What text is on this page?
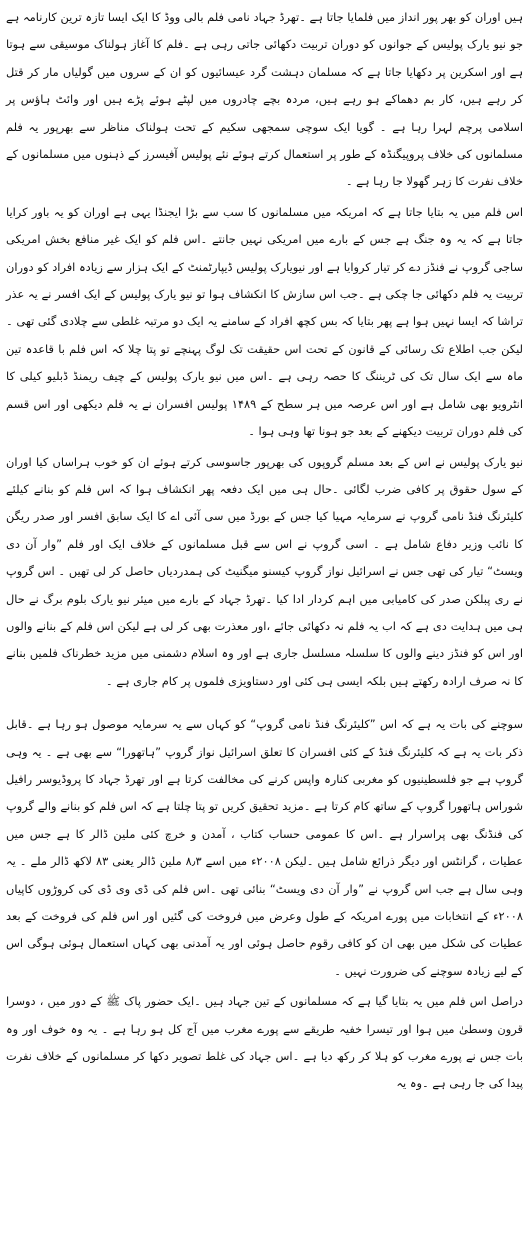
ہیں اوران کو بھر پور انداز میں فلمایا جاتا ہے ۔تھرڈ جہاد نامی فلم بالی ووڈ کا ایک ایسا تازہ ترین کارنامہ ہے جو نیو یارک پولیس کے جوانوں کو دوران تربیت دکھائی جاتی رہی ہے ۔فلم کا آغاز ہولناک موسیقی سے ہوتا ہے اور اسکرین پر دکھایا جاتا ہے کہ مسلمان دہشت گرد عیسائیوں کو ان کے سروں میں گولیاں مار کر قتل کر رہے ہیں، کار بم دھماکے ہو رہے ہیں، مردہ بچے چادروں میں لپٹے ہوئے پڑے ہیں اور وائٹ ہاؤس پر اسلامی پرچم لہرا رہا ہے ۔ گویا ایک سوچی سمجھی سکیم کے تحت ہولناک مناظر سے بھرپور یہ فلم مسلمانوں کی خلاف پروپیگنڈہ کے طور پر استعمال کرتے ہوئے نئے پولیس آفیسرز کے ذہنوں میں مسلمانوں کے خلاف نفرت کا زہر گھولا جا رہا ہے ۔

اس فلم میں یہ بتایا جاتا ہے کہ امریکہ میں مسلمانوں کا سب سے بڑا ایجنڈا یہی ہے اوران کو یہ باور کرایا جاتا ہے کہ یہ وہ جنگ ہے جس کے بارے میں امریکی نہیں جانتے ۔اس فلم کو ایک غیر منافع بخش امریکی ساجی گروپ نے فنڈز دے کر تیار کروایا ہے اور نیویارک پولیس ڈیپارٹمنٹ کے ایک ہزار سے زیادہ افراد کو دوران تربیت یہ فلم دکھائی جا چکی ہے ۔جب اس سازش کا انکشاف ہوا تو نیو یارک پولیس کے ایک افسر نے یہ عذر تراشا کہ ایسا نہیں ہوا ہے پھر بتایا کہ بس کچھ افراد کے سامنے یہ ایک دو مرتبہ غلطی سے چلادی گئی تھی ۔لیکن جب اطلاع تک رسائی کے قانون کے تحت اس حقیقت تک لوگ پہنچے تو پتا چلا کہ اس فلم با قاعدہ تین ماہ سے ایک سال تک کی ٹریننگ کا حصہ رہی ہے ۔اس میں نیو یارک پولیس کے چیف ریمنڈ ڈبلیو کیلی کا انٹرویو بھی شامل ہے اور اس عرصہ میں ہر سطح کے ۱۴۸۹ پولیس افسران نے یہ فلم دیکھی اور اس قسم کی فلم دوران تربیت دیکھنے کے بعد جو ہونا تھا وہی ہوا ۔

نیو یارک پولیس نے اس کے بعد مسلم گروپوں کی بھرپور جاسوسی کرتے ہوئے ان کو خوب ہراساں کیا اوران کے سول حقوق پر کافی ضرب لگائی ۔حال ہی میں ایک دفعہ پھر انکشاف ہوا کہ اس فلم کو بنانے کیلئے کلیئرنگ فنڈ نامی گروپ نے سرمایہ مہیا کیا جس کے بورڈ میں سی آئی اے کا ایک سابق افسر اور صدر ریگن کا نائب وزیر دفاع شامل ہے ۔ اسی گروپ نے اس سے قبل مسلمانوں کے خلاف ایک اور فلم ”وار آن دی ویسٹ“ تیار کی تھی جس نے اسرائیل نواز گروپ کیسنو میگنیٹ کی ہمدردیاں حاصل کر لی تھیں ۔ اس گروپ نے ری پبلکن صدر کی کامیابی میں اہم کردار ادا کیا ۔تھرڈ جہاد کے بارے میں میئر نیو یارک بلوم برگ نے حال ہی میں ہدایت دی ہے کہ اب یہ فلم نہ دکھائی جائے ،اور معذرت بھی کر لی ہے لیکن اس فلم کے بنانے والوں اور اس کو فنڈز دینے والوں کا سلسلہ مسلسل جاری ہے اور وہ اسلام دشمنی میں مزید خطرناک فلمیں بنانے کا نہ صرف ارادہ رکھتے ہیں بلکہ ایسی ہی کئی اور دستاویزی فلموں پر کام جاری ہے ۔

سوچنے کی بات یہ ہے کہ اس ”کلیئرنگ فنڈ نامی گروپ“ کو کہاں سے یہ سرمایہ موصول ہو رہا ہے ۔قابل ذکر بات یہ ہے کہ کلیئرنگ فنڈ کے کئی افسران کا تعلق اسرائیل نواز گروپ ”ہاتھورا“ سے بھی ہے ۔ یہ وہی گروپ ہے جو فلسطینیوں کو مغربی کنارہ واپس کرنے کی مخالفت کرتا ہے اور تھرڈ جہاد کا پروڈیوسر رافیل شوراس ہاتھورا گروپ کے ساتھ کام کرتا ہے ۔مزید تحقیق کریں تو پتا چلتا ہے کہ اس فلم کو بنانے والے گروپ کی فنڈنگ بھی پراسرار ہے ۔اس کا عمومی حساب کتاب ، آمدن و خرچ کئی ملین ڈالر کا ہے جس میں عطیات ، گرانٹس اور دیگر ذرائع شامل ہیں ۔لیکن ۲۰۰۸ء میں اسے ۸٫۳ ملین ڈالر یعنی ۸۳ لاکھ ڈالر ملے ۔ یہ وہی سال ہے جب اس گروپ نے ”وار آن دی ویسٹ“ بنائی تھی ۔اس فلم کی ڈی وی ڈی کی کروڑوں کاپیاں ۲۰۰۸ء کے انتخابات میں پورے امریکہ کے طول وعرض میں فروخت کی گئیں اور اس فلم کی فروخت کے بعد عطیات کی شکل میں بھی ان کو کافی رقوم حاصل ہوئی اور یہ آمدنی بھی کہاں استعمال ہوئی ہوگی اس کے لیے زیادہ سوچنے کی ضرورت نہیں ۔

دراصل اس فلم میں یہ بتایا گیا ہے کہ مسلمانوں کے تین جہاد ہیں ۔ایک حضور پاک ﷺ کے دور میں ، دوسرا قرون وسطیٰ میں ہوا اور تیسرا خفیہ طریقے سے پورے مغرب میں آج کل ہو رہا ہے ۔ یہ وہ خوف اور وہ بات جس نے پورے مغرب کو ہلا کر رکھ دیا ہے ۔اس جہاد کی غلط تصویر دکھا کر مسلمانوں کے خلاف نفرت پیدا کی جا رہی ہے ۔وہ یہ
